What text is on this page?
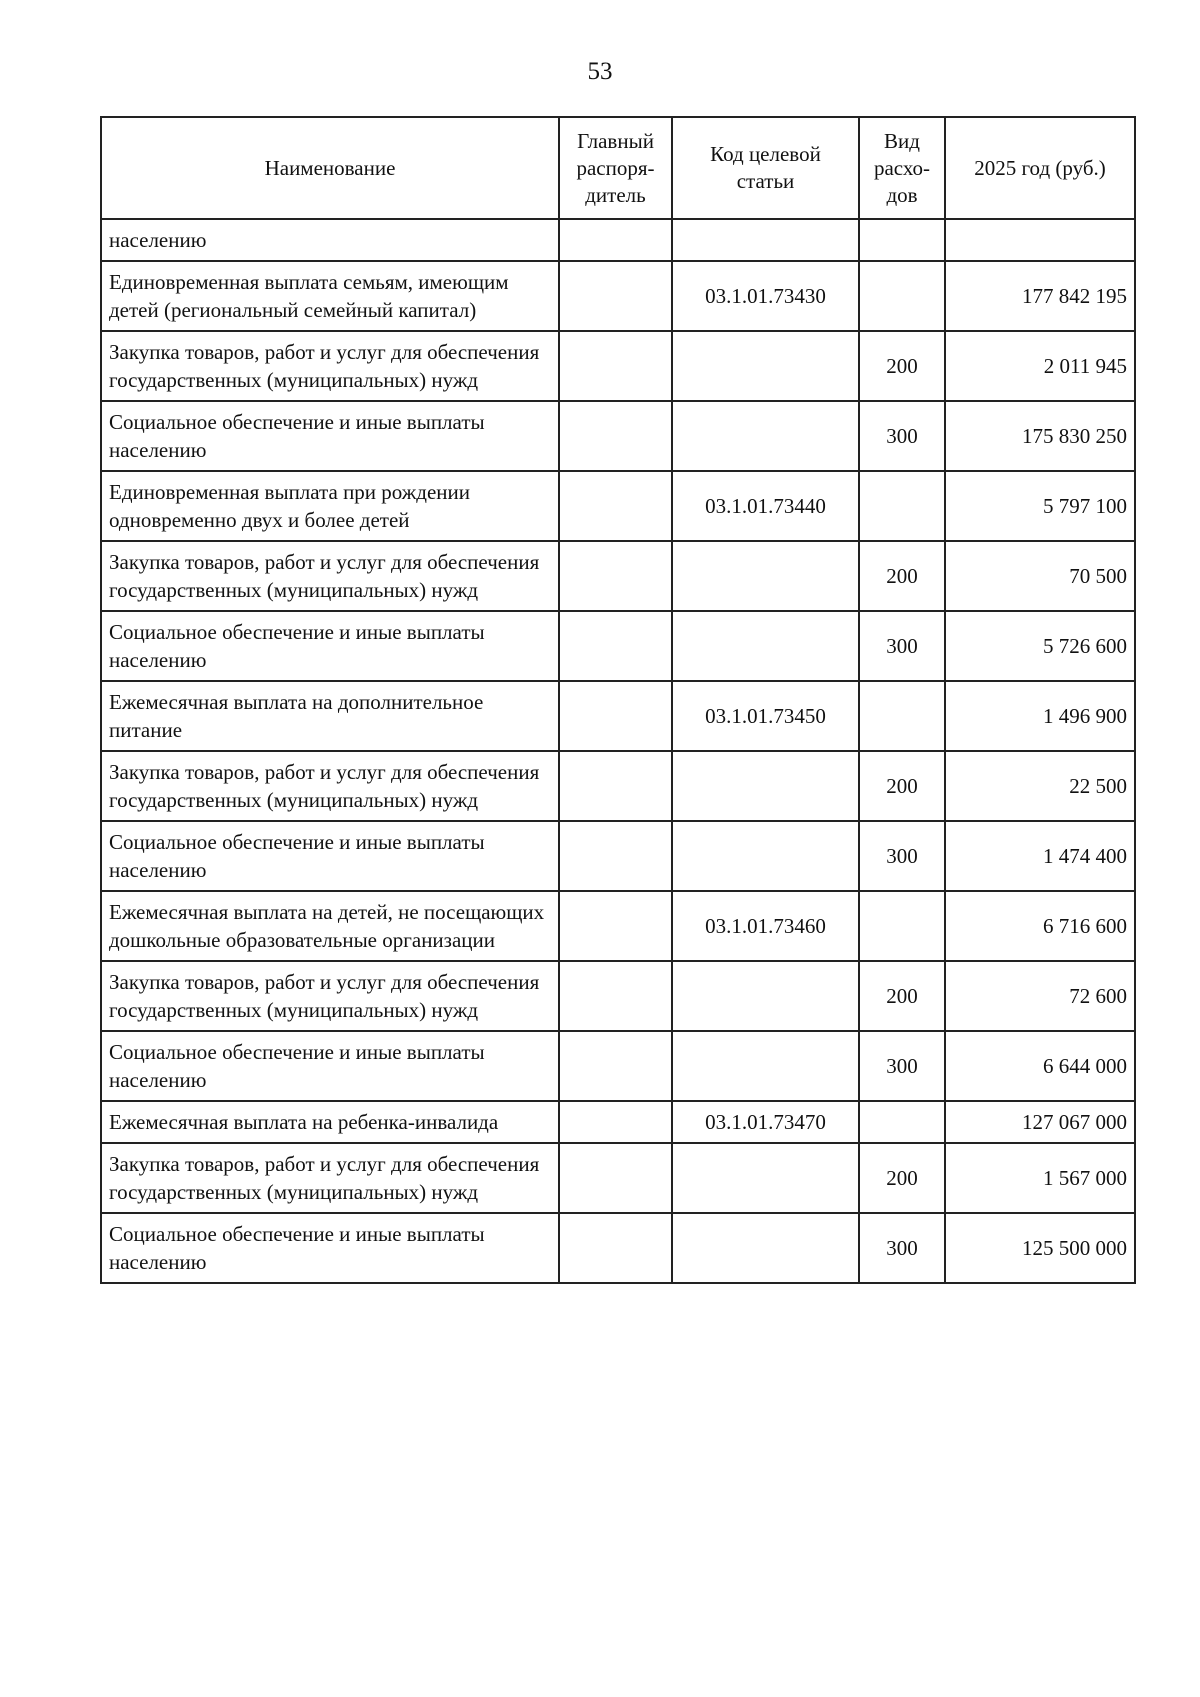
53
Наименование	Главный распоря-дитель	Код целевой статьи	Вид расхо-дов	2025 год (руб.)
населению				
Единовременная выплата семьям, имеющим детей (региональный семейный капитал)		03.1.01.73430		177 842 195
Закупка товаров, работ и услуг для обеспечения государственных (муниципальных) нужд			200	2 011 945
Социальное обеспечение и иные выплаты населению			300	175 830 250
Единовременная выплата при рождении одновременно двух и более детей		03.1.01.73440		5 797 100
Закупка товаров, работ и услуг для обеспечения государственных (муниципальных) нужд			200	70 500
Социальное обеспечение и иные выплаты населению			300	5 726 600
Ежемесячная выплата на дополнительное питание		03.1.01.73450		1 496 900
Закупка товаров, работ и услуг для обеспечения государственных (муниципальных) нужд			200	22 500
Социальное обеспечение и иные выплаты населению			300	1 474 400
Ежемесячная выплата на детей, не посещающих дошкольные образовательные организации		03.1.01.73460		6 716 600
Закупка товаров, работ и услуг для обеспечения государственных (муниципальных) нужд			200	72 600
Социальное обеспечение и иные выплаты населению			300	6 644 000
Ежемесячная выплата на ребенка-инвалида		03.1.01.73470		127 067 000
Закупка товаров, работ и услуг для обеспечения государственных (муниципальных) нужд			200	1 567 000
Социальное обеспечение и иные выплаты населению			300	125 500 000
